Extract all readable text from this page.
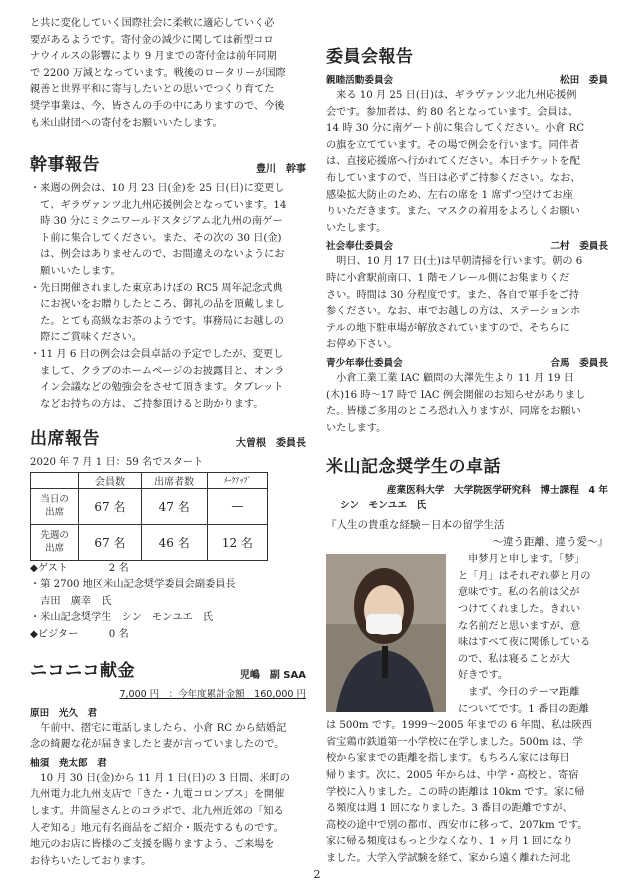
と共に変化していく国際社会に柔軟に適応していく必

要があるようです。寄付金の減少に関しては新型コロ

ナウイルスの影響により 9 月までの寄付金は前年同期

で 2200 万減となっています。戦後のロータリーが国際

親善と世界平和に寄与したいとの思いでつくり育てた

奨学事業は、今、皆さんの手の中にありますので、今後

も米山財団への寄付をお願いいたします。

幹事報告	豊川　幹事

・来週の例会は、10 月 23 日(金)を 25 日(日)に変更し

　て、ギラヴァンツ北九州応援例会となっています。14

　時 30 分にミクニワールドスタジアム北九州の南ゲー

　ト前に集合してください。また、その次の 30 日(金)

　は、例会はありませんので、お間違えのないようにお

　願いいたします。

・先日開催されました東京あけぼの RC5 周年記念式典

　にお祝いをお贈りしたところ、御礼の品を頂戴しまし

　た。とても高級なお茶のようです。事務局にお越しの

　際にご賞味ください。

・11 月 6 日の例会は会員卓話の予定でしたが、変更し

　まして、クラブのホームページのお披露目と、オンラ

　イン会議などの勉強会をさせて頂きます。タブレット

　などお持ちの方は、ご持参頂けると助かります。

出席報告	大曽根　委員長

2020 年 7 月 1 日：59 名でスタート

	会員数	出席者数	ﾒｰｸｱｯﾌﾟ
当日の
出席	67 名	47 名	—
先週の
出席	67 名	46 名	12 名

◆ゲスト　　　　2 名

・第 2700 地区米山記念奨学委員会副委員長

　吉田　廣幸　氏

・米山記念奨学生　シン　モンユエ　氏

◆ビジター　　　0 名

ニコニコ献金	児嶋　副 SAA

7,000 円　：今年度累計金額　160,000 円

原田　光久　君

　午前中、摺宅に電話しましたら、小倉 RC から結婚記

念の綺麗な花が届きましたと妻が言っていましたので。

柚須　尭太郎　君

　10 月 30 日(金)から 11 月 1 日(日)の 3 日間、米町の

九州電力北九州支店で「きた・九電コロンブス」を開催

します。井筒屋さんとのコラボで、北九州近郊の「知る

人ぞ知る」地元有名商品をご紹介・販売するものです。

地元のお店に皆様のご支援を賜りますよう、ご来場を

お待ちいたしております。

委員会報告
親睦活動委員会	松田　委員

　来る 10 月 25 日(日)は、ギラヴァンツ北九州応援例

会です。参加者は、約 80 名となっています。会員は、

14 時 30 分に南ゲート前に集合してください。小倉 RC

の旗を立てています。その場で例会を行います。同伴者

は、直接応援席へ行かれてください。本日チケットを配

布していますので、当日は必ずご持参ください。なお、

感染拡大防止のため、左右の席を 1 席ずつ空けてお座

りいただきます。また、マスクの着用をよろしくお願い

いたします。

社会奉仕委員会	二村　委員長

　明日、10 月 17 日(土)は早朝清掃を行います。朝の 6

時に小倉駅前南口、1 階モノレール側にお集まりくだ

さい。時間は 30 分程度です。また、各自で軍手をご持

参ください。なお、車でお越しの方は、ステーションホ

テルの地下駐車場が解放されていますので、そちらに

お停め下さい。

青少年奉仕委員会	合馬　委員長

　小倉工業工業 IAC 顧問の大澤先生より 11 月 19 日

(木)16 時～17 時で IAC 例会開催のお知らせがありまし

た。皆様ご多用のところ恐れ入りますが、同席をお願い

いたします。

米山記念奨学生の卓話

産業医科大学　大学院医学研究科　博士課程　4 年

シン　モンユエ　氏

『人生の貴重な経験－日本の留学生活

～違う距離、違う愛～』

　申梦月と申します。「梦」

と「月」はそれぞれ夢と月の

意味です。私の名前は父が

つけてくれました。きれい

な名前だと思いますが、意

味はすべて夜に関係している

ので、私は寝ることが大

好きです。

　まず、今日のテーマ距離

についてです。1 番目の距離

は 500m です。1999～2005 年までの 6 年間、私は陝西

省宝鶏市鉄道第一小学校に在学しました。500m は、学

校から家までの距離を指します。もちろん家には毎日

帰ります。次に、2005 年からは、中学・高校と、寄宿

学校に入りました。この時の距離は 10km です。家に帰

る頻度は週 1 回になりました。3 番目の距離ですが、

高校の途中で別の都市、西安市に移って、207km です。

家に帰る頻度はもっと少なくなり、1 ヶ月 1 回になり

ました。大学入学試験を経て、家から遠く離れた河北

2
